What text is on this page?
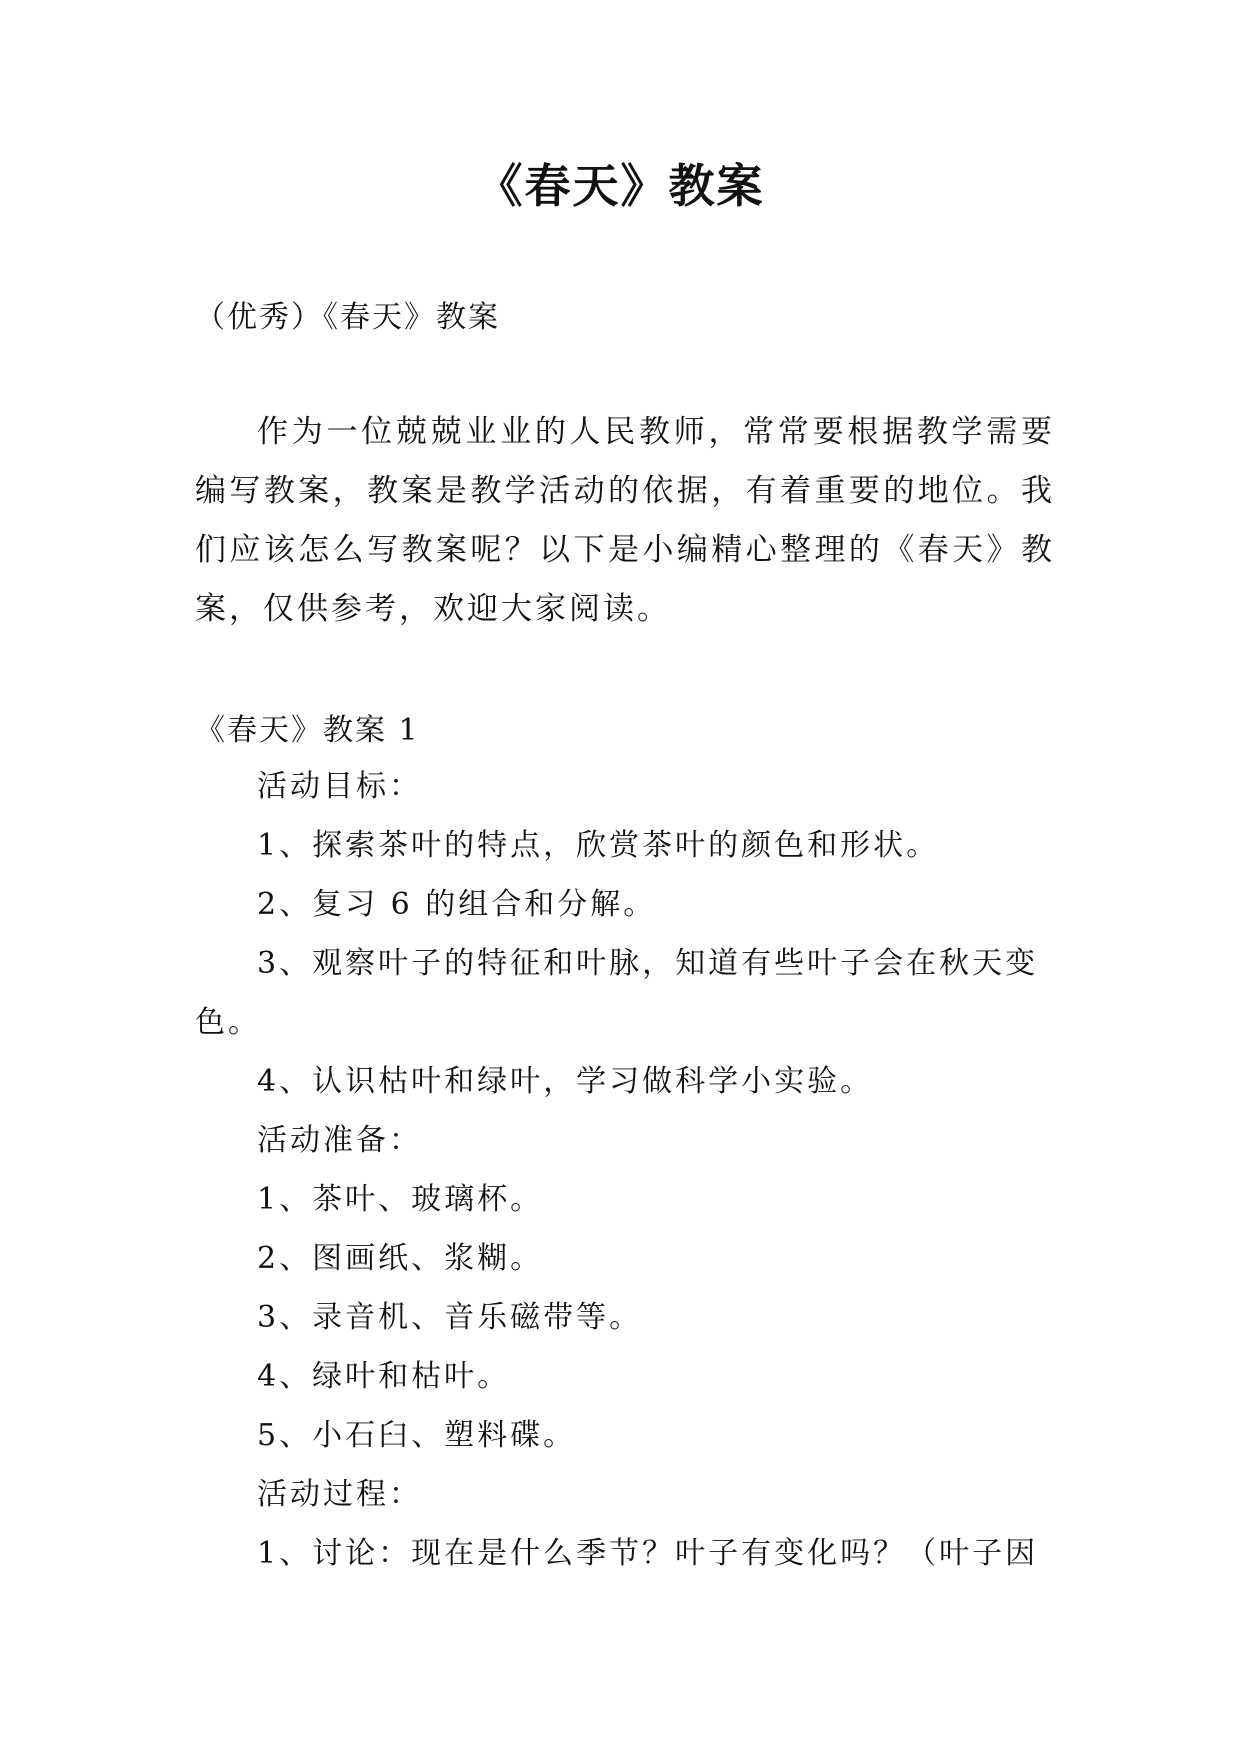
《春天》教案
（优秀）《春天》教案

作为一位兢兢业业的人民教师，常常要根据教学需要编写教案，教案是教学活动的依据，有着重要的地位。我们应该怎么写教案呢？以下是小编精心整理的《春天》教案，仅供参考，欢迎大家阅读。

《春天》教案 1
活动目标：
1、探索茶叶的特点，欣赏茶叶的颜色和形状。
2、复习 6 的组合和分解。
3、观察叶子的特征和叶脉，知道有些叶子会在秋天变色。
4、认识枯叶和绿叶，学习做科学小实验。
活动准备：
1、茶叶、玻璃杯。
2、图画纸、浆糊。
3、录音机、音乐磁带等。
4、绿叶和枯叶。
5、小石臼、塑料碟。
活动过程：
1、讨论：现在是什么季节？叶子有变化吗？（叶子因
